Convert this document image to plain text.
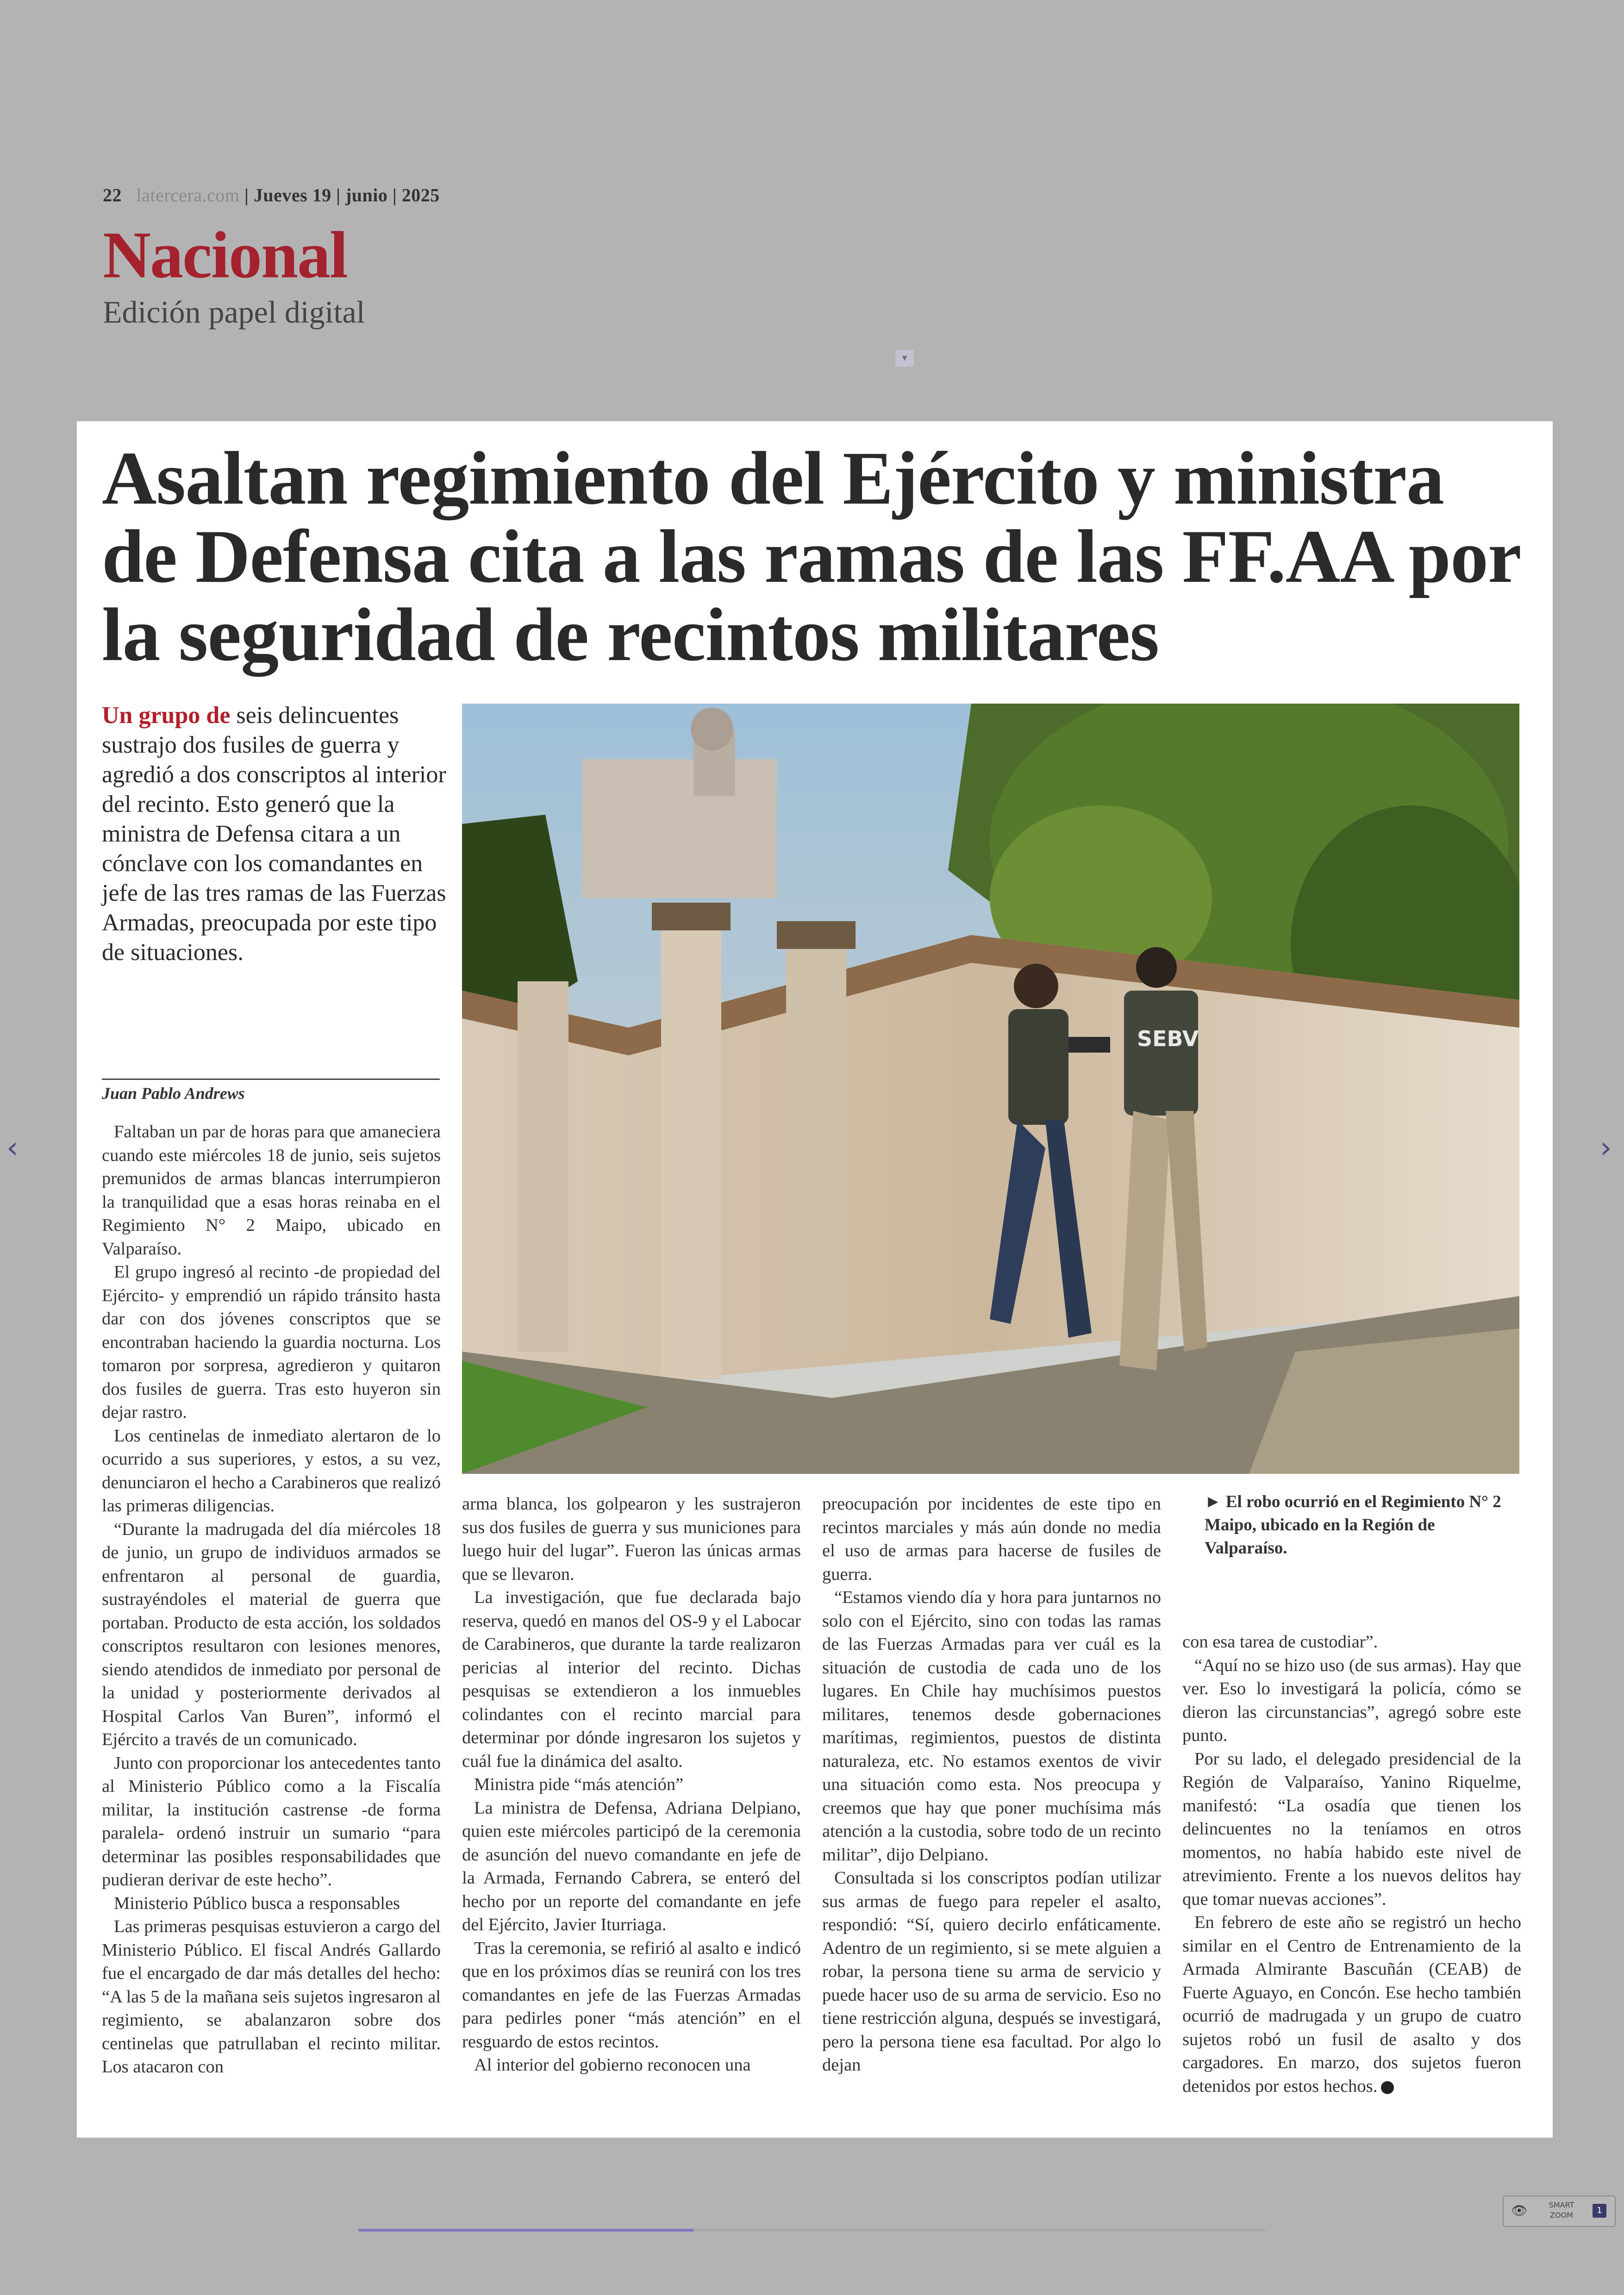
22 latercera.com | Jueves 19 | junio | 2025
Nacional
Edición papel digital
▾
Asaltan regimiento del Ejército y ministra de Defensa cita a las ramas de las FF.AA por la seguridad de recintos militares

Un grupo de seis delincuentes sustrajo dos fusiles de guerra y agredió a dos conscriptos al interior del recinto. Esto generó que la ministra de Defensa citara a un cónclave con los comandantes en jefe de las tres ramas de las Fuerzas Armadas, preocupada por este tipo de situaciones.

Juan Pablo Andrews
SEBV

► El robo ocurrió en el Regimiento N° 2 Maipo, ubicado en la Región de Valparaíso.

Faltaban un par de horas para que amaneciera cuando este miércoles 18 de junio, seis sujetos premunidos de armas blancas interrumpieron la tranquilidad que a esas horas reinaba en el Regimiento N° 2 Maipo, ubicado en Valparaíso.

El grupo ingresó al recinto -de propiedad del Ejército- y emprendió un rápido tránsito hasta dar con dos jóvenes conscriptos que se encontraban haciendo la guardia nocturna. Los tomaron por sorpresa, agredieron y quitaron dos fusiles de guerra. Tras esto huyeron sin dejar rastro.

Los centinelas de inmediato alertaron de lo ocurrido a sus superiores, y estos, a su vez, denunciaron el hecho a Carabineros que realizó las primeras diligencias.

“Durante la madrugada del día miércoles 18 de junio, un grupo de individuos armados se enfrentaron al personal de guardia, sustrayéndoles el material de guerra que portaban. Producto de esta acción, los soldados conscriptos resultaron con lesiones menores, siendo atendidos de inmediato por personal de la unidad y posteriormente derivados al Hospital Carlos Van Buren”, informó el Ejército a través de un comunicado.

Junto con proporcionar los antecedentes tanto al Ministerio Público como a la Fiscalía militar, la institución castrense -de forma paralela- ordenó instruir un sumario “para determinar las posibles responsabilidades que pudieran derivar de este hecho”.

Ministerio Público busca a responsables

Las primeras pesquisas estuvieron a cargo del Ministerio Público. El fiscal Andrés Gallardo fue el encargado de dar más detalles del hecho: “A las 5 de la mañana seis sujetos ingresaron al regimiento, se abalanzaron sobre dos centinelas que patrullaban el recinto militar. Los atacaron con

arma blanca, los golpearon y les sustrajeron sus dos fusiles de guerra y sus municiones para luego huir del lugar”. Fueron las únicas armas que se llevaron.

La investigación, que fue declarada bajo reserva, quedó en manos del OS-9 y el Labocar de Carabineros, que durante la tarde realizaron pericias al interior del recinto. Dichas pesquisas se extendieron a los inmuebles colindantes con el recinto marcial para determinar por dónde ingresaron los sujetos y cuál fue la dinámica del asalto.

Ministra pide “más atención”

La ministra de Defensa, Adriana Delpiano, quien este miércoles participó de la ceremonia de asunción del nuevo comandante en jefe de la Armada, Fernando Cabrera, se enteró del hecho por un reporte del comandante en jefe del Ejército, Javier Iturriaga.

Tras la ceremonia, se refirió al asalto e indicó que en los próximos días se reunirá con los tres comandantes en jefe de las Fuerzas Armadas para pedirles poner “más atención” en el resguardo de estos recintos.

Al interior del gobierno reconocen una

preocupación por incidentes de este tipo en recintos marciales y más aún donde no media el uso de armas para hacerse de fusiles de guerra.

“Estamos viendo día y hora para juntarnos no solo con el Ejército, sino con todas las ramas de las Fuerzas Armadas para ver cuál es la situación de custodia de cada uno de los lugares. En Chile hay muchísimos puestos militares, tenemos desde gobernaciones marítimas, regimientos, puestos de distinta naturaleza, etc. No estamos exentos de vivir una situación como esta. Nos preocupa y creemos que hay que poner muchísima más atención a la custodia, sobre todo de un recinto militar”, dijo Delpiano.

Consultada si los conscriptos podían utilizar sus armas de fuego para repeler el asalto, respondió: “Sí, quiero decirlo enfáticamente. Adentro de un regimiento, si se mete alguien a robar, la persona tiene su arma de servicio y puede hacer uso de su arma de servicio. Eso no tiene restricción alguna, después se investigará, pero la persona tiene esa facultad. Por algo lo dejan

con esa tarea de custodiar”.

“Aquí no se hizo uso (de sus armas). Hay que ver. Eso lo investigará la policía, cómo se dieron las circunstancias”, agregó sobre este punto.

Por su lado, el delegado presidencial de la Región de Valparaíso, Yanino Riquelme, manifestó: “La osadía que tienen los delincuentes no la teníamos en otros momentos, no había habido este nivel de atrevimiento. Frente a los nuevos delitos hay que tomar nuevas acciones”.

En febrero de este año se registró un hecho similar en el Centro de Entrenamiento de la Armada Almirante Bascuñán (CEAB) de Fuerte Aguayo, en Concón. Ese hecho también ocurrió de madrugada y un grupo de cuatro sujetos robó un fusil de asalto y dos cargadores. En marzo, dos sujetos fueron detenidos por estos hechos.

‹	›
👁	SMART ZOOM	1
